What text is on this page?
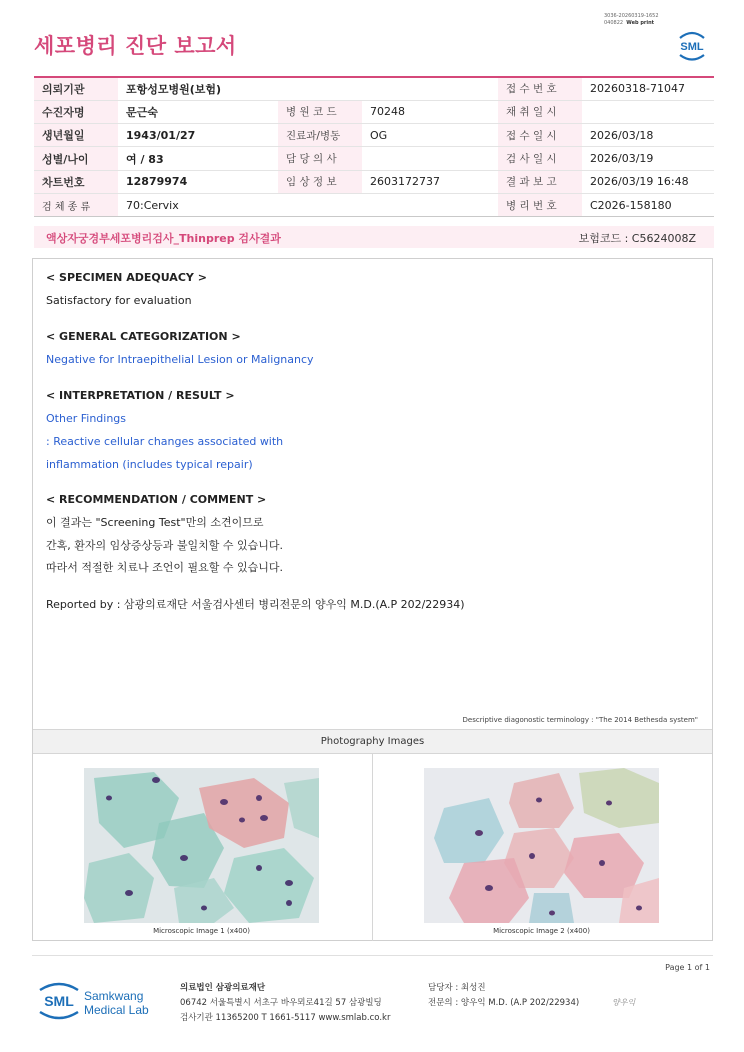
3036-20260319-1652
040822 Web print
세포병리 진단 보고서	SML
의뢰기관	포항성모병원(보험)			접 수 번 호	20260318-71047
수진자명	문근숙	병 원 코 드	70248	채 취 일 시	
생년월일	1943/01/27	진료과/병동	OG	접 수 일 시	2026/03/18
성별/나이	여 / 83	담 당 의 사		검 사 일 시	2026/03/19
차트번호	12879974	임 상 정 보	2603172737	결 과 보 고	2026/03/19 16:48
검 체 종 류	70:Cervix			병 리 번 호	C2026-158180
액상자궁경부세포병리검사_Thinprep 검사결과	보험코드 : C5624008Z
< SPECIMEN ADEQUACY >
Satisfactory for evaluation
< GENERAL CATEGORIZATION >
Negative for Intraepithelial Lesion or Malignancy
< INTERPRETATION / RESULT >
Other Findings
: Reactive cellular changes associated with
inflammation (includes typical repair)
< RECOMMENDATION / COMMENT >
이 결과는 "Screening Test"만의 소견이므로
간혹, 환자의 임상증상등과 불일치할 수 있습니다.
따라서 적절한 치료나 조언이 필요할 수 있습니다.
Reported by : 삼광의료재단 서울검사센터 병리전문의 양우익 M.D.(A.P 202/22934)
Descriptive diagonostic terminology : "The 2014 Bethesda system"
Photography Images
Microscopic Image 1 (x400)	Microscopic Image 2 (x400)
Page 1 of 1
SML Samkwang
Medical Lab
의료법인 삼광의료재단
06742 서울특별시 서초구 바우뫼로41길 57 삼광빌딩
검사기관 11365200 T 1661-5117 www.smlab.co.kr
담당자 : 최성진
전문의 : 양우익 M.D. (A.P 202/22934)	양우익
